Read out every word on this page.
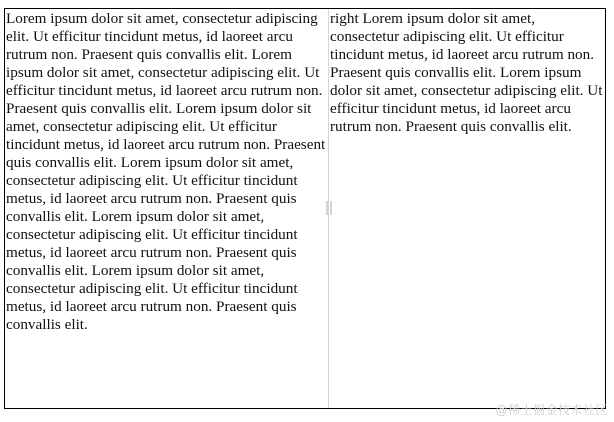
Lorem ipsum dolor sit amet, consectetur adipiscing elit. Ut efficitur tincidunt metus, id laoreet arcu rutrum non. Praesent quis convallis elit. Lorem ipsum dolor sit amet, consectetur adipiscing elit. Ut efficitur tincidunt metus, id laoreet arcu rutrum non. Praesent quis convallis elit. Lorem ipsum dolor sit amet, consectetur adipiscing elit. Ut efficitur tincidunt metus, id laoreet arcu rutrum non. Praesent quis convallis elit. Lorem ipsum dolor sit amet, consectetur adipiscing elit. Ut efficitur tincidunt metus, id laoreet arcu rutrum non. Praesent quis convallis elit. Lorem ipsum dolor sit amet, consectetur adipiscing elit. Ut efficitur tincidunt metus, id laoreet arcu rutrum non. Praesent quis convallis elit. Lorem ipsum dolor sit amet, consectetur adipiscing elit. Ut efficitur tincidunt metus, id laoreet arcu rutrum non. Praesent quis convallis elit.
right Lorem ipsum dolor sit amet, consectetur adipiscing elit. Ut efficitur tincidunt metus, id laoreet arcu rutrum non. Praesent quis convallis elit. Lorem ipsum dolor sit amet, consectetur adipiscing elit. Ut efficitur tincidunt metus, id laoreet arcu rutrum non. Praesent quis convallis elit.
@稀土掘金技术社区
